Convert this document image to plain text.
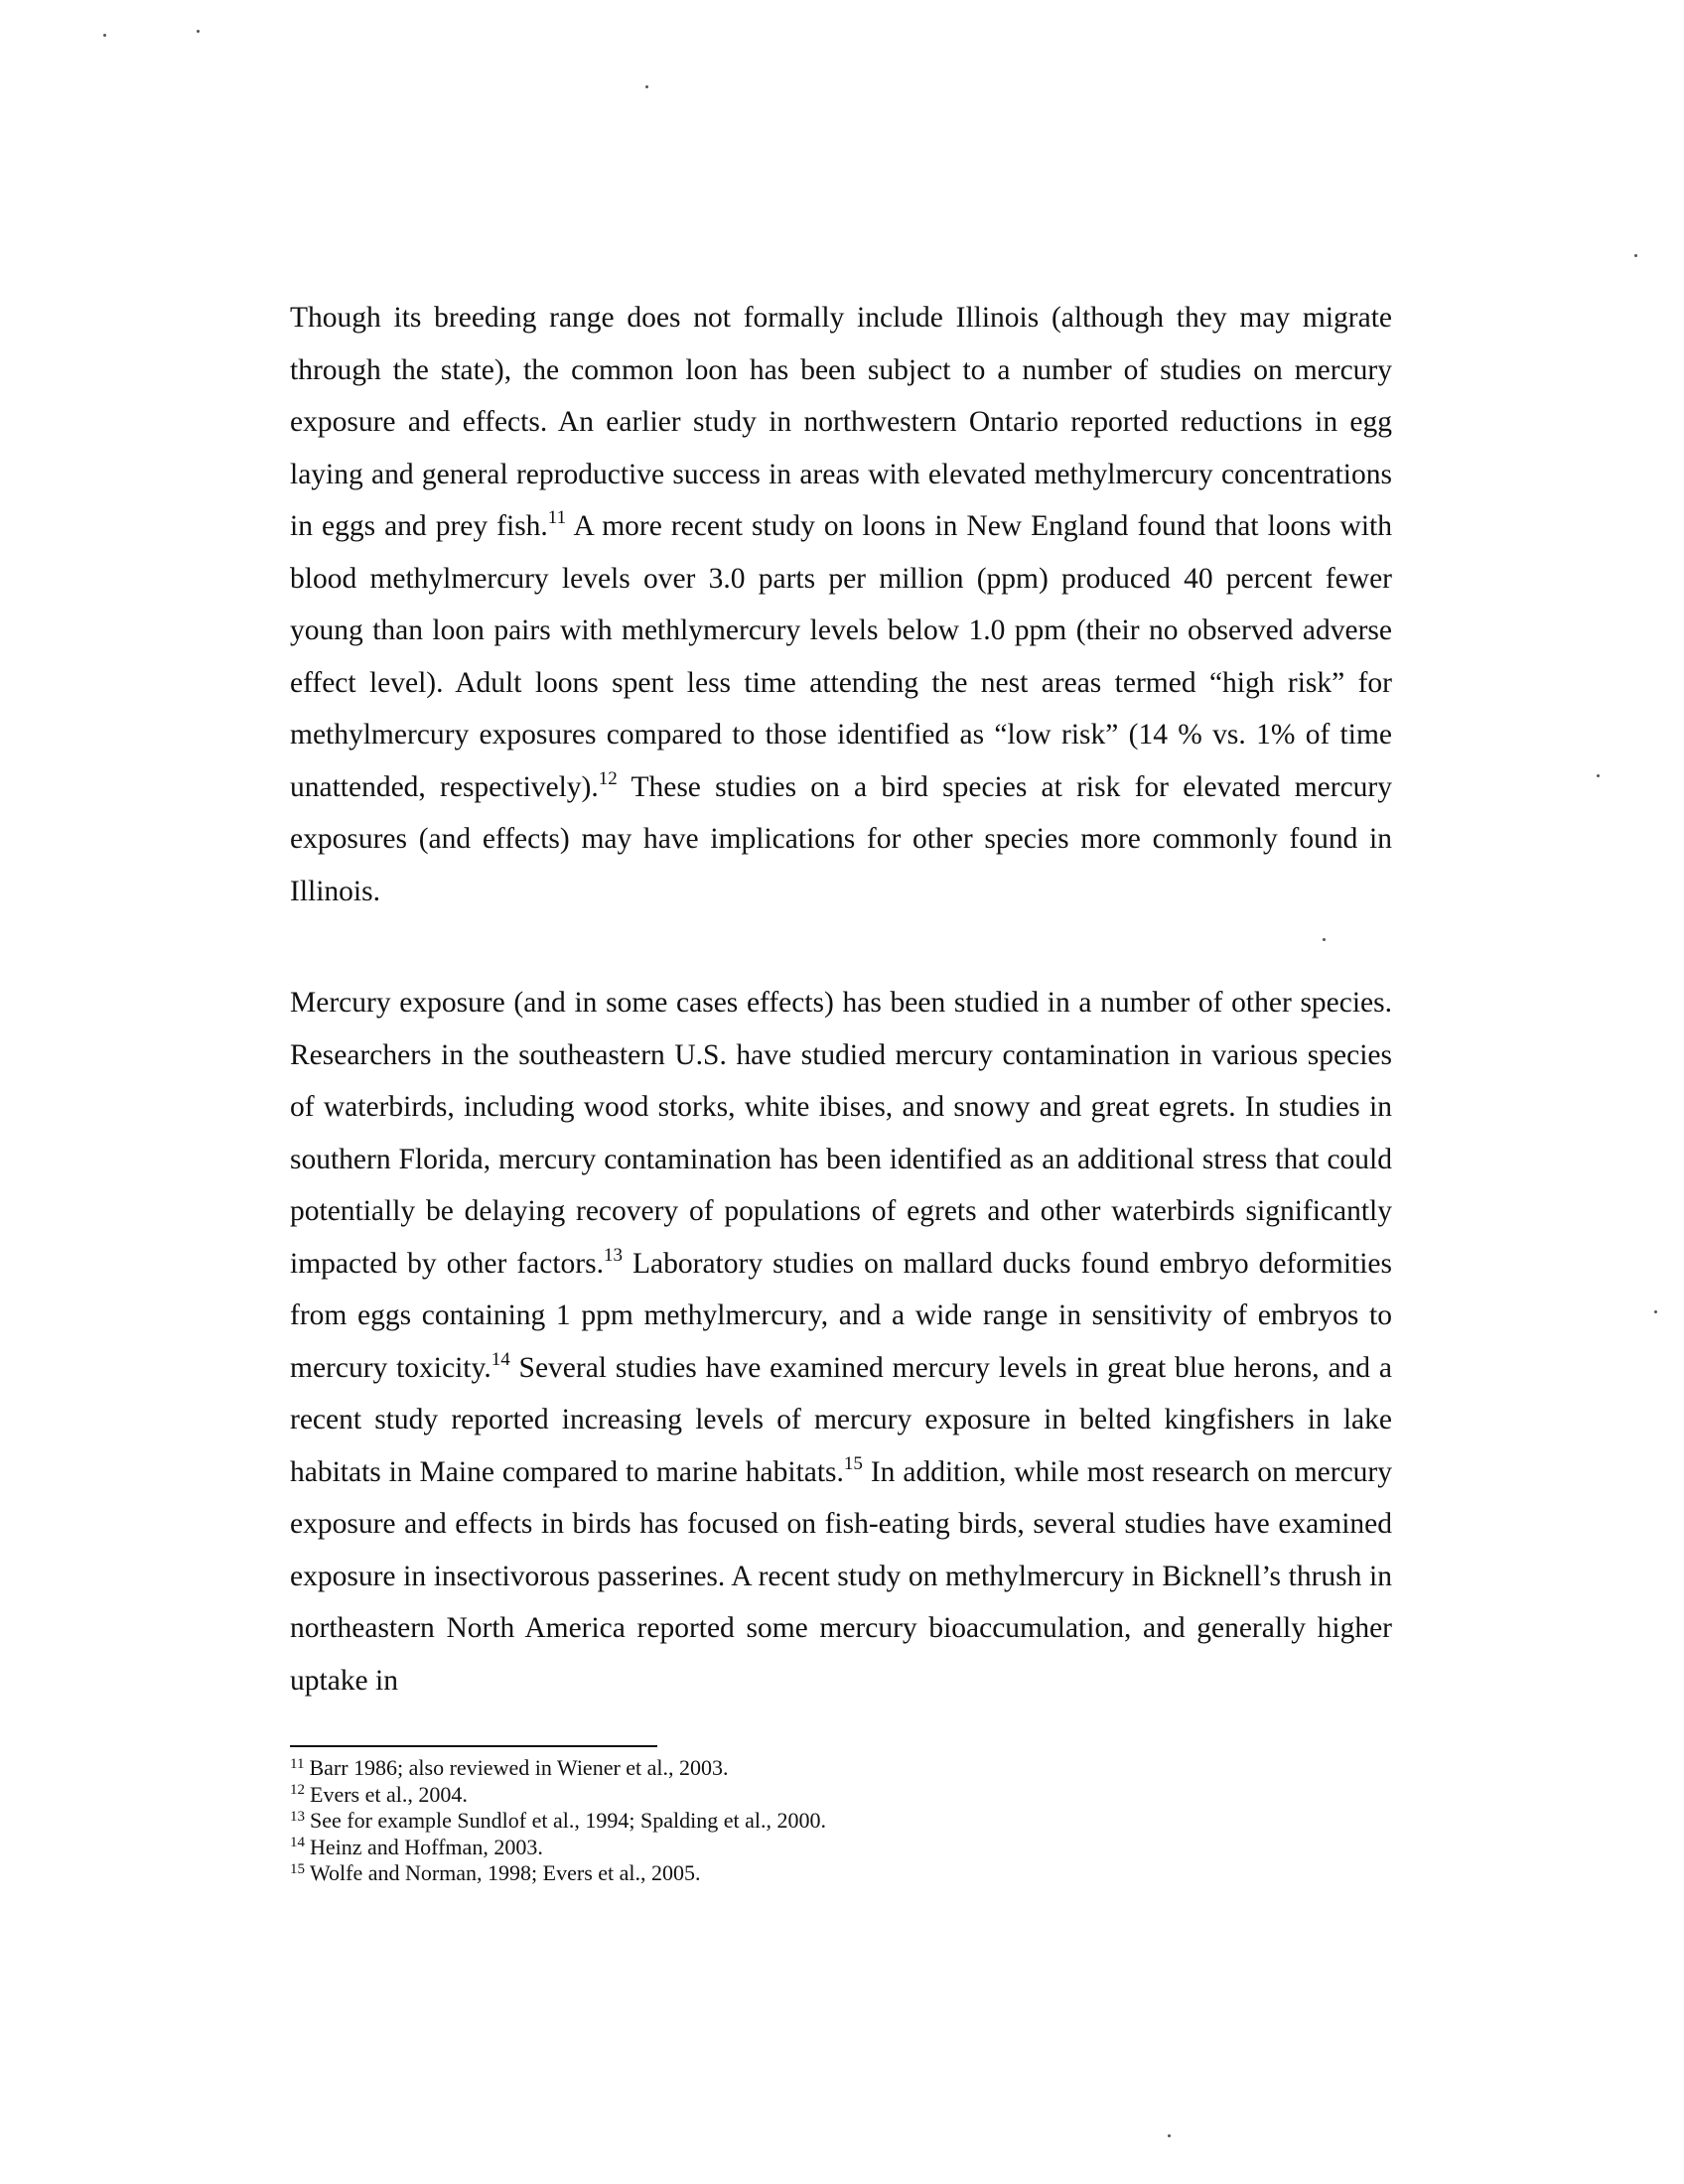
Though its breeding range does not formally include Illinois (although they may migrate through the state), the common loon has been subject to a number of studies on mercury exposure and effects. An earlier study in northwestern Ontario reported reductions in egg laying and general reproductive success in areas with elevated methylmercury concentrations in eggs and prey fish.$^{11}$ A more recent study on loons in New England found that loons with blood methylmercury levels over 3.0 parts per million (ppm) produced 40 percent fewer young than loon pairs with methlymercury levels below 1.0 ppm (their no observed adverse effect level). Adult loons spent less time attending the nest areas termed “high risk” for methylmercury exposures compared to those identified as “low risk” (14 % vs. 1% of time unattended, respectively).$^{12}$ These studies on a bird species at risk for elevated mercury exposures (and effects) may have implications for other species more commonly found in Illinois.

Mercury exposure (and in some cases effects) has been studied in a number of other species. Researchers in the southeastern U.S. have studied mercury contamination in various species of waterbirds, including wood storks, white ibises, and snowy and great egrets. In studies in southern Florida, mercury contamination has been identified as an additional stress that could potentially be delaying recovery of populations of egrets and other waterbirds significantly impacted by other factors.$^{13}$ Laboratory studies on mallard ducks found embryo deformities from eggs containing 1 ppm methylmercury, and a wide range in sensitivity of embryos to mercury toxicity.$^{14}$ Several studies have examined mercury levels in great blue herons, and a recent study reported increasing levels of mercury exposure in belted kingfishers in lake habitats in Maine compared to marine habitats.$^{15}$ In addition, while most research on mercury exposure and effects in birds has focused on fish-eating birds, several studies have examined exposure in insectivorous passerines. A recent study on methylmercury in Bicknell’s thrush in northeastern North America reported some mercury bioaccumulation, and generally higher uptake in

$^{11}$ Barr 1986; also reviewed in Wiener et al., 2003.

$^{12}$ Evers et al., 2004.

$^{13}$ See for example Sundlof et al., 1994; Spalding et al., 2000.

$^{14}$ Heinz and Hoffman, 2003.

$^{15}$ Wolfe and Norman, 1998; Evers et al., 2005.
